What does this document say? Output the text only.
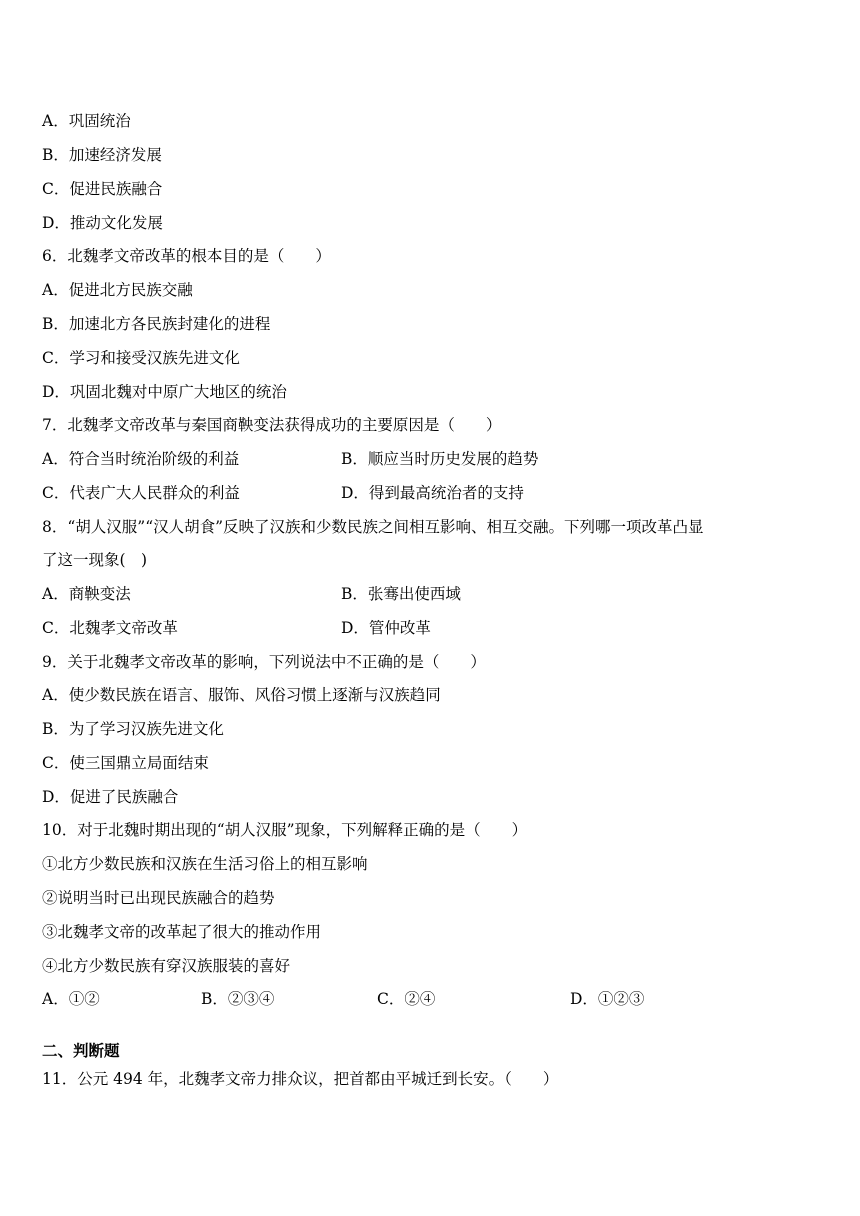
A．巩固统治
B．加速经济发展
C．促进民族融合
D．推动文化发展
6．北魏孝文帝改革的根本目的是（　　）
A．促进北方民族交融
B．加速北方各民族封建化的进程
C．学习和接受汉族先进文化
D．巩固北魏对中原广大地区的统治
7．北魏孝文帝改革与秦国商鞅变法获得成功的主要原因是（　　）
A．符合当时统治阶级的利益	B．顺应当时历史发展的趋势
C．代表广大人民群众的利益	D．得到最高统治者的支持
8．“胡人汉服”“汉人胡食”反映了汉族和少数民族之间相互影响、相互交融。下列哪一项改革凸显
了这一现象(　)
A．商鞅变法	B．张骞出使西域
C．北魏孝文帝改革	D．管仲改革
9．关于北魏孝文帝改革的影响，下列说法中不正确的是（　　）
A．使少数民族在语言、服饰、风俗习惯上逐渐与汉族趋同
B．为了学习汉族先进文化
C．使三国鼎立局面结束
D．促进了民族融合
10．对于北魏时期出现的“胡人汉服”现象，下列解释正确的是（　　）
①北方少数民族和汉族在生活习俗上的相互影响
②说明当时已出现民族融合的趋势
③北魏孝文帝的改革起了很大的推动作用
④北方少数民族有穿汉族服装的喜好
A．①②	B．②③④	C．②④	D．①②③
二、判断题
11．公元 494 年，北魏孝文帝力排众议，把首都由平城迁到长安。（　　）
